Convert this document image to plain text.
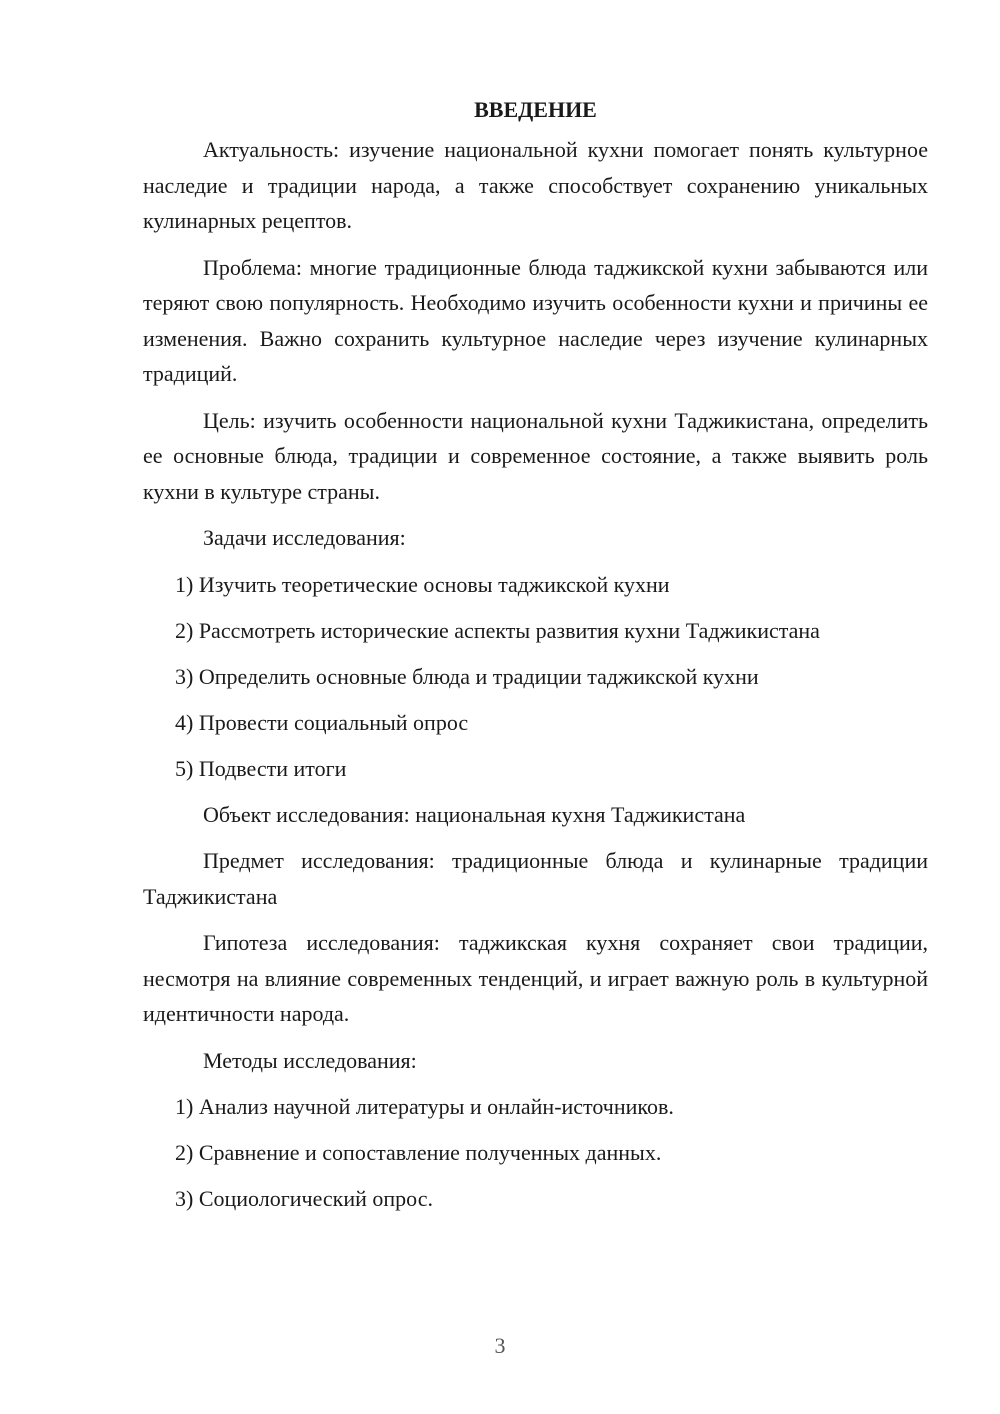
ВВЕДЕНИЕ

Актуальность: изучение национальной кухни помогает понять культурное наследие и традиции народа, а также способствует сохранению уникальных кулинарных рецептов.

Проблема: многие традиционные блюда таджикской кухни забываются или теряют свою популярность. Необходимо изучить особенности кухни и причины ее изменения. Важно сохранить культурное наследие через изучение кулинарных традиций.

Цель: изучить особенности национальной кухни Таджикистана, определить ее основные блюда, традиции и современное состояние, а также выявить роль кухни в культуре страны.

Задачи исследования:

1) Изучить теоретические основы таджикской кухни
2) Рассмотреть исторические аспекты развития кухни Таджикистана
3) Определить основные блюда и традиции таджикской кухни
4) Провести социальный опрос
5) Подвести итоги

Объект исследования: национальная кухня Таджикистана

Предмет исследования: традиционные блюда и кулинарные традиции Таджикистана

Гипотеза исследования: таджикская кухня сохраняет свои традиции, несмотря на влияние современных тенденций, и играет важную роль в культурной идентичности народа.

Методы исследования:

1) Анализ научной литературы и онлайн-источников.
2) Сравнение и сопоставление полученных данных.
3) Социологический опрос.
3
